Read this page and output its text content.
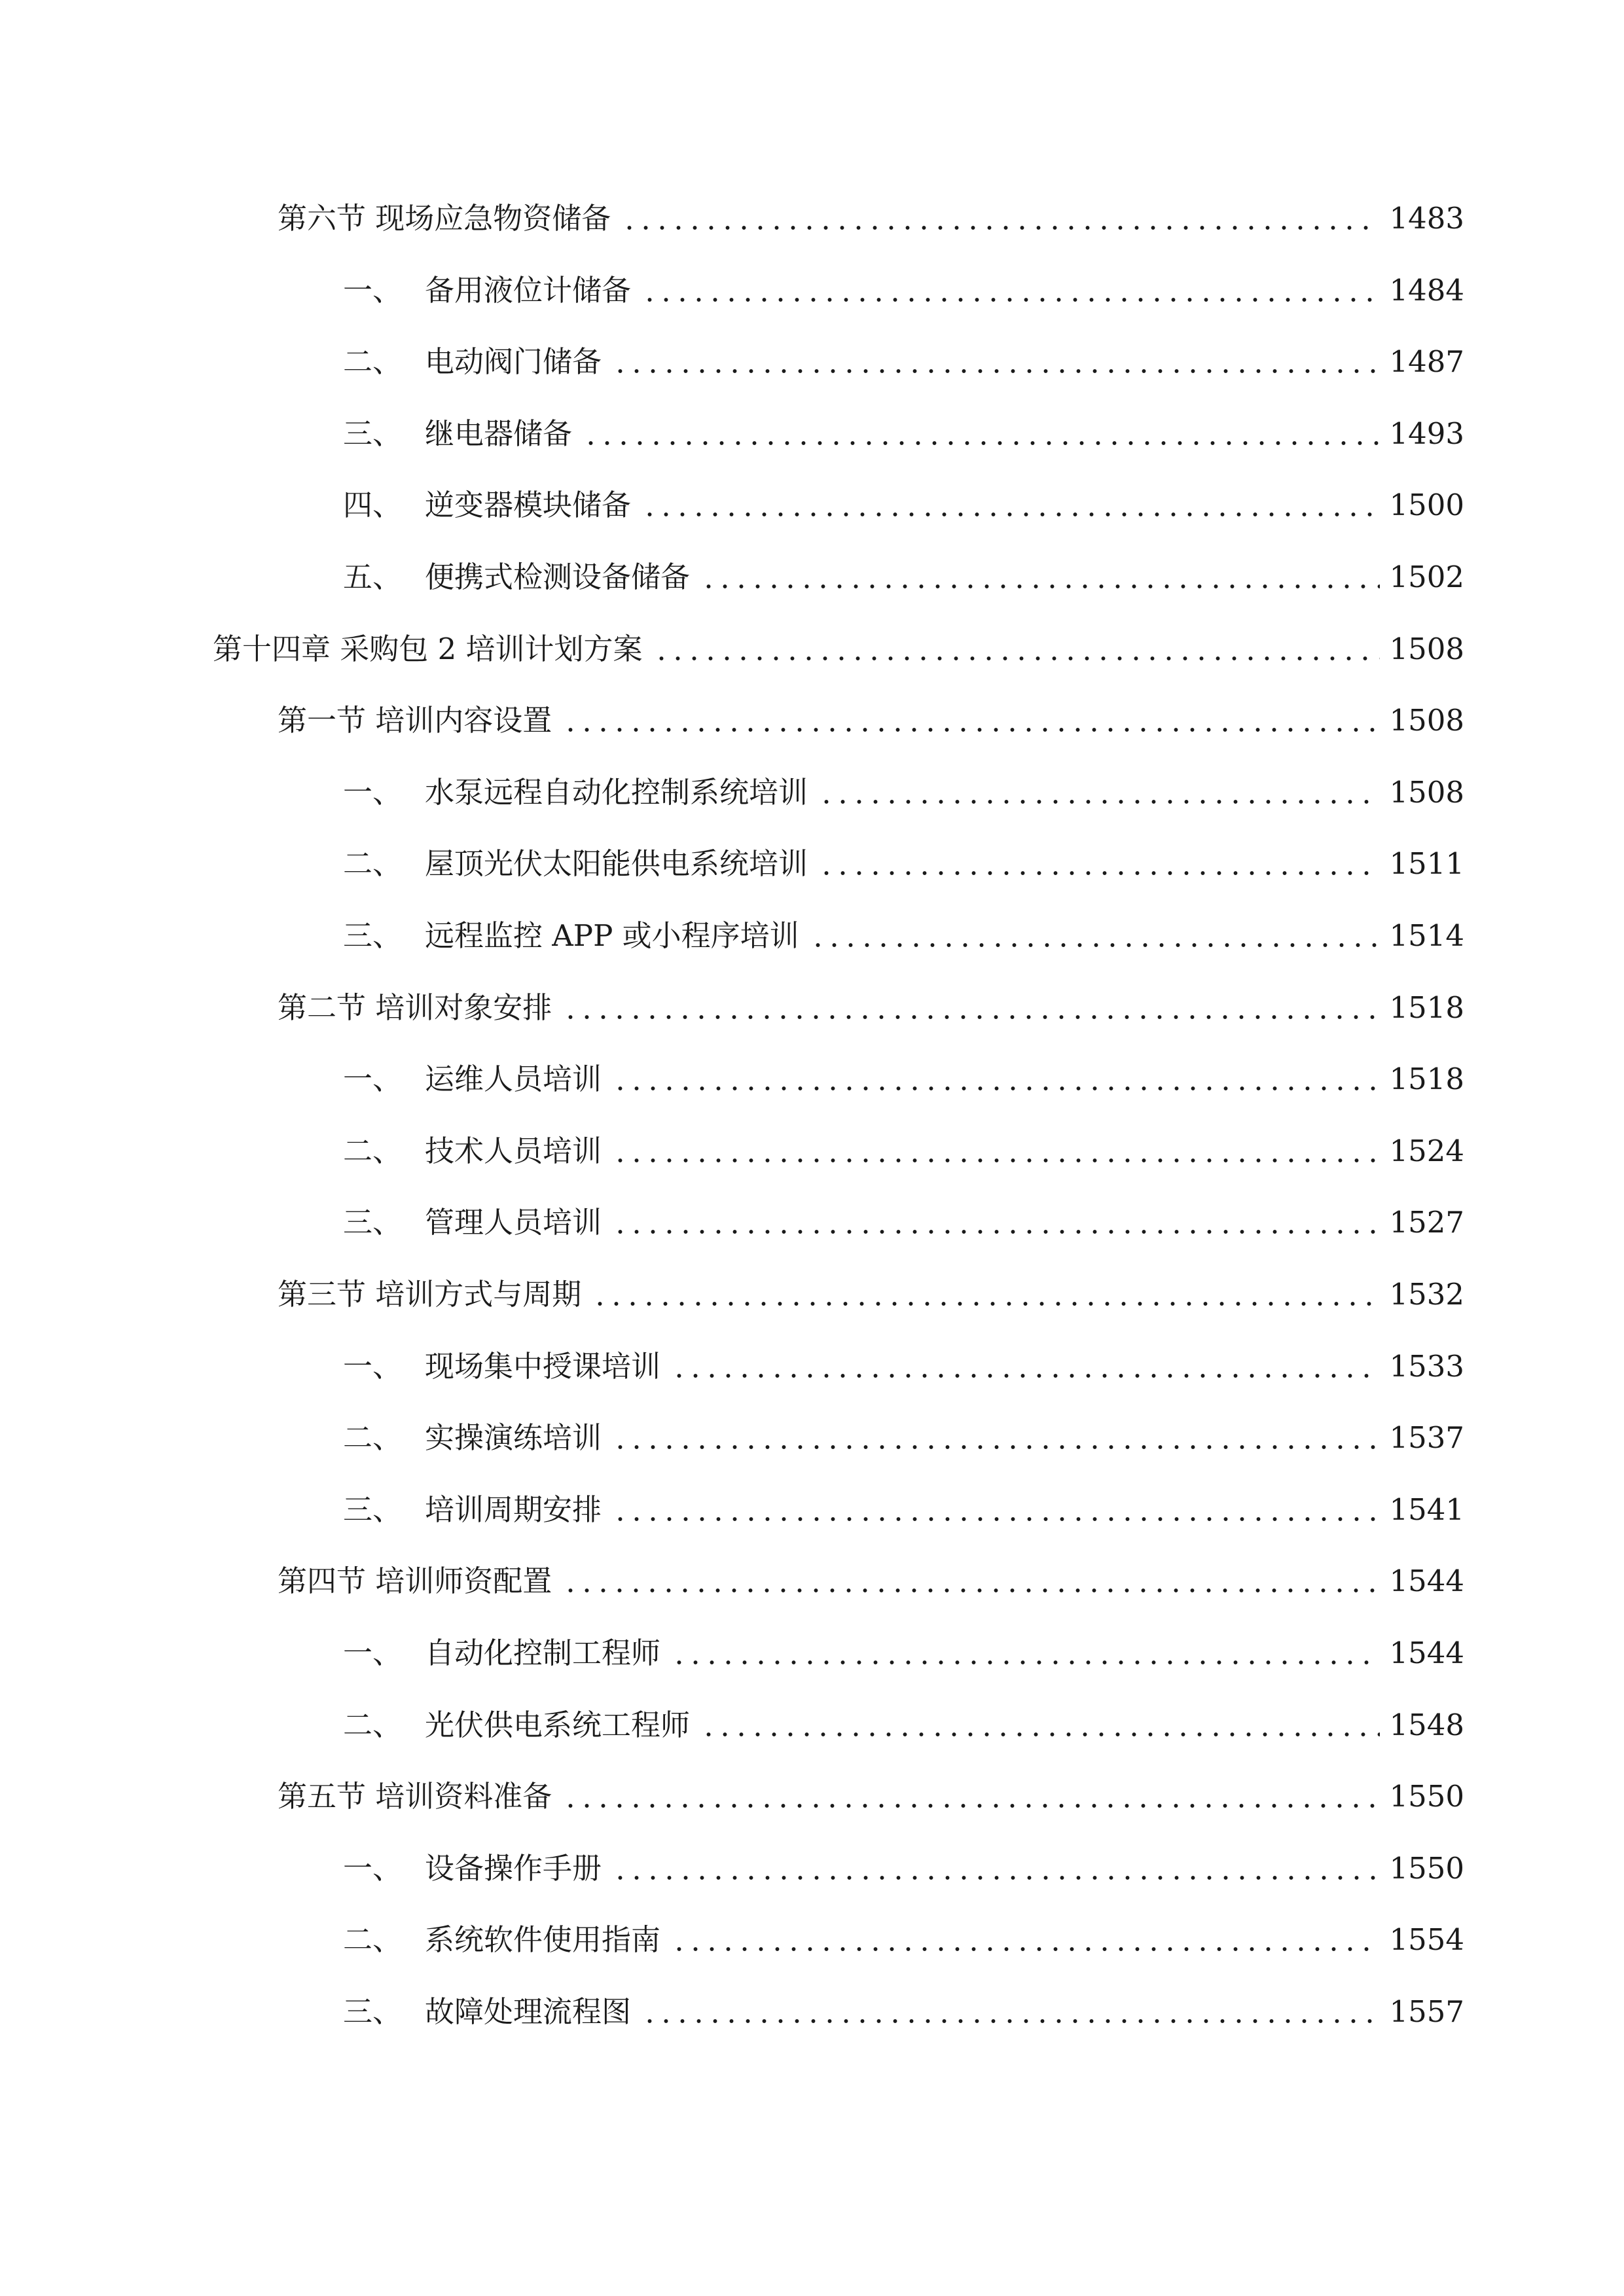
第六节 现场应急物资储备	1483
一、 备用液位计储备	1484
二、 电动阀门储备	1487
三、 继电器储备	1493
四、 逆变器模块储备	1500
五、 便携式检测设备储备	1502
第十四章 采购包 2 培训计划方案	1508
第一节 培训内容设置	1508
一、 水泵远程自动化控制系统培训	1508
二、 屋顶光伏太阳能供电系统培训	1511
三、 远程监控 APP 或小程序培训	1514
第二节 培训对象安排	1518
一、 运维人员培训	1518
二、 技术人员培训	1524
三、 管理人员培训	1527
第三节 培训方式与周期	1532
一、 现场集中授课培训	1533
二、 实操演练培训	1537
三、 培训周期安排	1541
第四节 培训师资配置	1544
一、 自动化控制工程师	1544
二、 光伏供电系统工程师	1548
第五节 培训资料准备	1550
一、 设备操作手册	1550
二、 系统软件使用指南	1554
三、 故障处理流程图	1557
